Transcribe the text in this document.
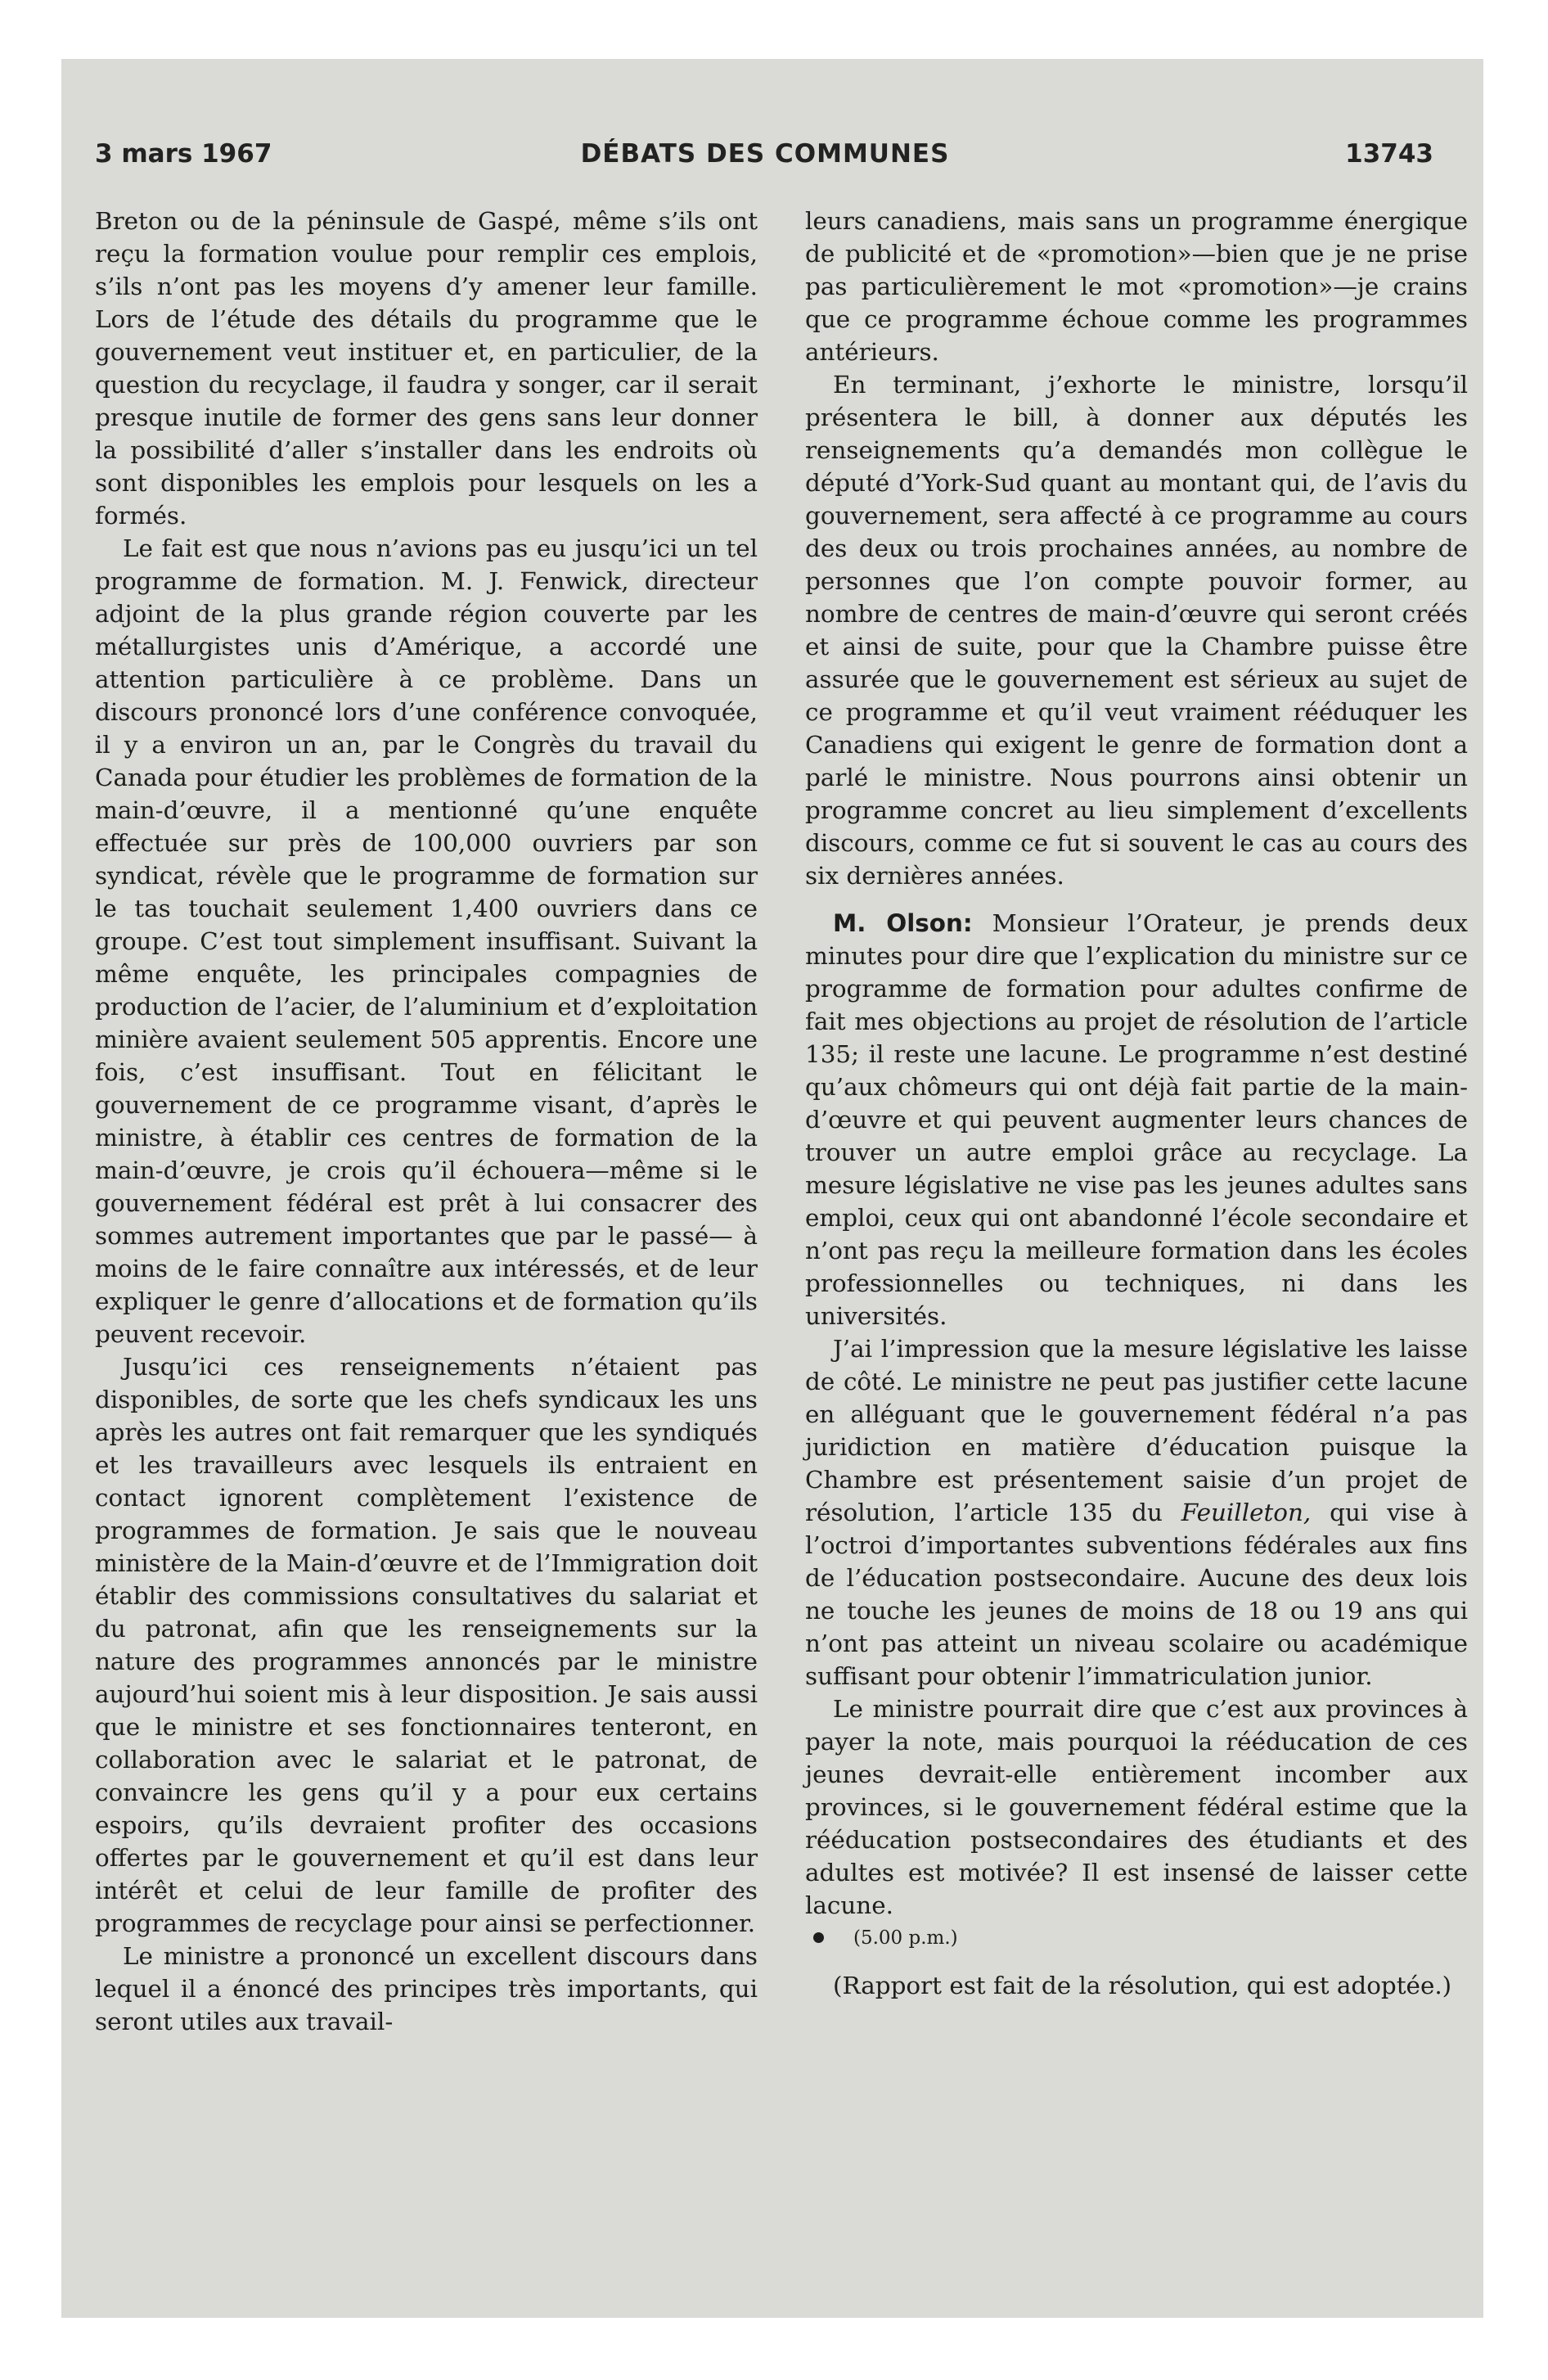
3 mars 1967	DÉBATS DES COMMUNES	13743

Breton ou de la péninsule de Gaspé, même s’ils ont reçu la formation voulue pour remplir ces emplois, s’ils n’ont pas les moyens d’y amener leur famille. Lors de l’étude des détails du programme que le gouvernement veut instituer et, en particulier, de la question du recyclage, il faudra y songer, car il serait presque inutile de former des gens sans leur donner la possibilité d’aller s’installer dans les endroits où sont disponibles les emplois pour lesquels on les a formés.

Le fait est que nous n’avions pas eu jusqu’ici un tel programme de formation. M. J. Fenwick, directeur adjoint de la plus grande région couverte par les métallurgistes unis d’Amérique, a accordé une attention particulière à ce problème. Dans un discours prononcé lors d’une conférence convoquée, il y a environ un an, par le Congrès du travail du Canada pour étudier les problèmes de formation de la main-d’œuvre, il a mentionné qu’une enquête effectuée sur près de 100,000 ouvriers par son syndicat, révèle que le programme de formation sur le tas touchait seulement 1,400 ouvriers dans ce groupe. C’est tout simplement insuffisant. Suivant la même enquête, les principales compagnies de production de l’acier, de l’aluminium et d’exploitation minière avaient seulement 505 apprentis. Encore une fois, c’est insuffisant. Tout en félicitant le gouvernement de ce programme visant, d’après le ministre, à établir ces centres de formation de la main-d’œuvre, je crois qu’il échouera—même si le gouvernement fédéral est prêt à lui consacrer des sommes autrement importantes que par le passé— à moins de le faire connaître aux intéressés, et de leur expliquer le genre d’allocations et de formation qu’ils peuvent recevoir.

Jusqu’ici ces renseignements n’étaient pas disponibles, de sorte que les chefs syndicaux les uns après les autres ont fait remarquer que les syndiqués et les travailleurs avec lesquels ils entraient en contact ignorent complètement l’existence de programmes de formation. Je sais que le nouveau ministère de la Main-d’œuvre et de l’Immigration doit établir des commissions consultatives du salariat et du patronat, afin que les renseignements sur la nature des programmes annoncés par le ministre aujourd’hui soient mis à leur disposition. Je sais aussi que le ministre et ses fonctionnaires tenteront, en collaboration avec le salariat et le patronat, de convaincre les gens qu’il y a pour eux certains espoirs, qu’ils devraient profiter des occasions offertes par le gouvernement et qu’il est dans leur intérêt et celui de leur famille de profiter des programmes de recyclage pour ainsi se perfectionner.

Le ministre a prononcé un excellent discours dans lequel il a énoncé des principes très importants, qui seront utiles aux travail-

leurs canadiens, mais sans un programme énergique de publicité et de «promotion»—bien que je ne prise pas particulièrement le mot «promotion»—je crains que ce programme échoue comme les programmes antérieurs.

En terminant, j’exhorte le ministre, lorsqu’il présentera le bill, à donner aux députés les renseignements qu’a demandés mon collègue le député d’York-Sud quant au montant qui, de l’avis du gouvernement, sera affecté à ce programme au cours des deux ou trois prochaines années, au nombre de personnes que l’on compte pouvoir former, au nombre de centres de main-d’œuvre qui seront créés et ainsi de suite, pour que la Chambre puisse être assurée que le gouvernement est sérieux au sujet de ce programme et qu’il veut vraiment rééduquer les Canadiens qui exigent le genre de formation dont a parlé le ministre. Nous pourrons ainsi obtenir un programme concret au lieu simplement d’excellents discours, comme ce fut si souvent le cas au cours des six dernières années.

M. Olson: Monsieur l’Orateur, je prends deux minutes pour dire que l’explication du ministre sur ce programme de formation pour adultes confirme de fait mes objections au projet de résolution de l’article 135; il reste une lacune. Le programme n’est destiné qu’aux chômeurs qui ont déjà fait partie de la main-d’œuvre et qui peuvent augmenter leurs chances de trouver un autre emploi grâce au recyclage. La mesure législative ne vise pas les jeunes adultes sans emploi, ceux qui ont abandonné l’école secondaire et n’ont pas reçu la meilleure formation dans les écoles professionnelles ou techniques, ni dans les universités.

J’ai l’impression que la mesure législative les laisse de côté. Le ministre ne peut pas justifier cette lacune en alléguant que le gouvernement fédéral n’a pas juridiction en matière d’éducation puisque la Chambre est présentement saisie d’un projet de résolution, l’article 135 du Feuilleton, qui vise à l’octroi d’importantes subventions fédérales aux fins de l’éducation postsecondaire. Aucune des deux lois ne touche les jeunes de moins de 18 ou 19 ans qui n’ont pas atteint un niveau scolaire ou académique suffisant pour obtenir l’immatriculation junior.

Le ministre pourrait dire que c’est aux provinces à payer la note, mais pourquoi la rééducation de ces jeunes devrait-elle entièrement incomber aux provinces, si le gouvernement fédéral estime que la rééducation postsecondaires des étudiants et des adultes est motivée? Il est insensé de laisser cette lacune.

(5.00 p.m.)

(Rapport est fait de la résolution, qui est adoptée.)
